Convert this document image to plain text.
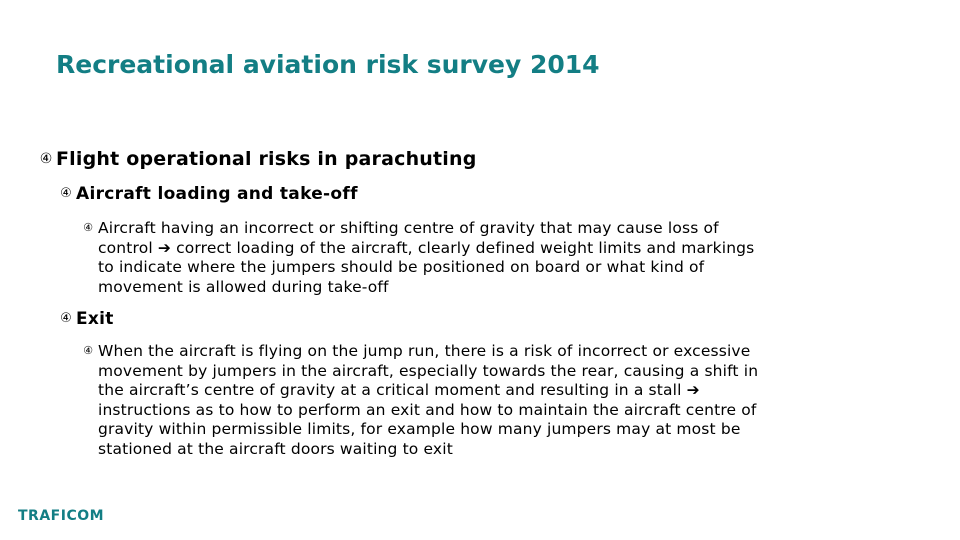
Recreational aviation risk survey 2014
④ Flight operational risks in parachuting
④ Aircraft loading and take-off
④ Aircraft having an incorrect or shifting centre of gravity that may cause loss of control ➔ correct loading of the aircraft, clearly defined weight limits and markings to indicate where the jumpers should be positioned on board or what kind of movement is allowed during take-off
④ Exit
④ When the aircraft is flying on the jump run, there is a risk of incorrect or excessive movement by jumpers in the aircraft, especially towards the rear, causing a shift in the aircraft’s centre of gravity at a critical moment and resulting in a stall ➔ instructions as to how to perform an exit and how to maintain the aircraft centre of gravity within permissible limits, for example how many jumpers may at most be stationed at the aircraft doors waiting to exit
TRAFICOM
